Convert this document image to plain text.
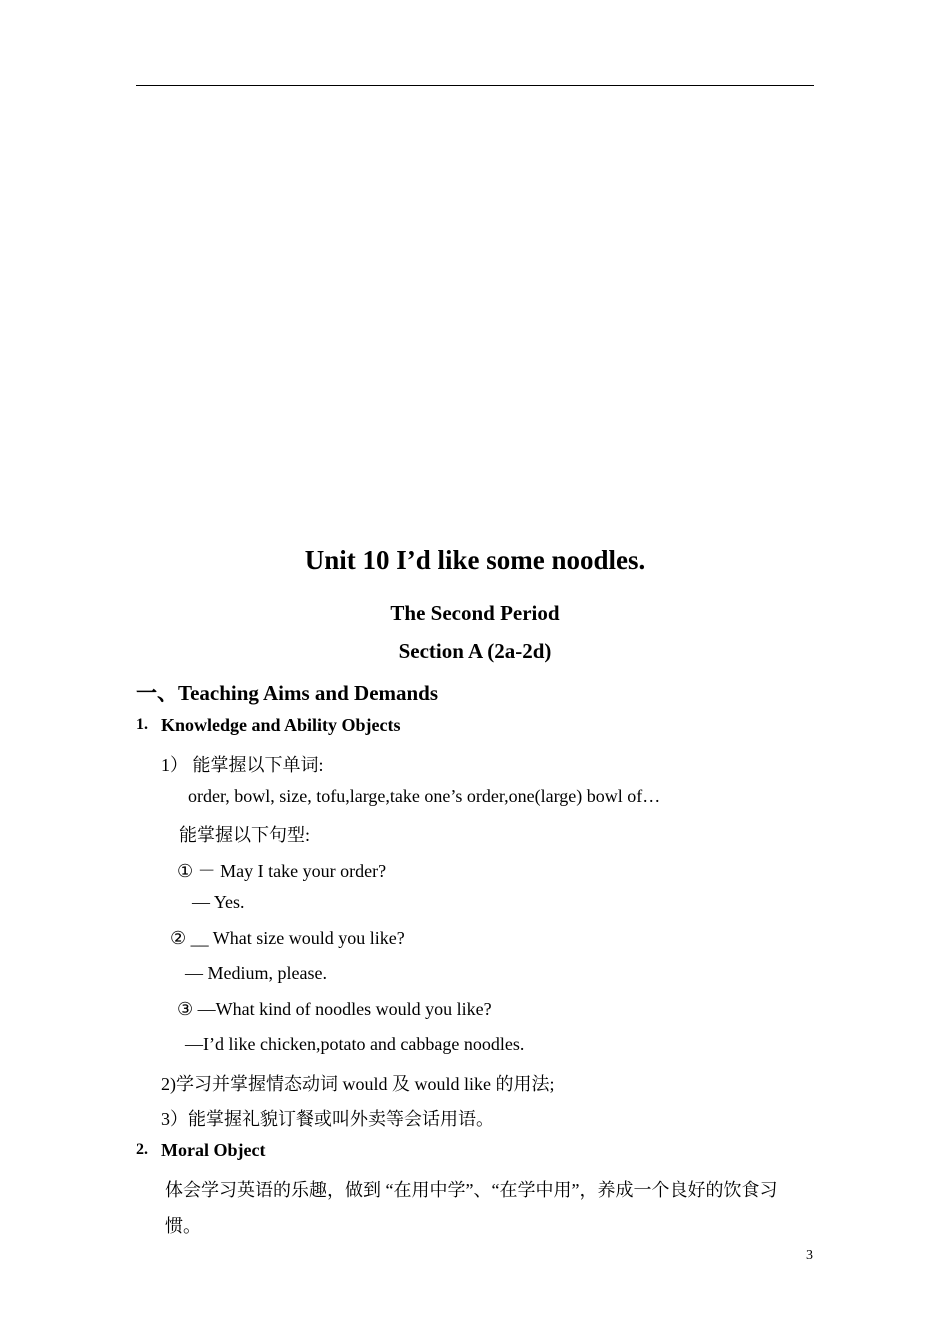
Unit 10 I’d like some noodles.
The Second Period
Section A (2a-2d)
一、Teaching Aims and Demands
1. Knowledge and Ability Objects
1） 能掌握以下单词:
order, bowl, size, tofu,large,take one’s order,one(large) bowl of…
能掌握以下句型:
① － May I take your order?
— Yes.
② __ What size would you like?
— Medium, please.
③ —What kind of noodles would you like?
—I’d like chicken,potato and cabbage noodles.
2)学习并掌握情态动词 would 及 would like 的用法;
3）能掌握礼貌订餐或叫外卖等会话用语。
2. Moral Object
体会学习英语的乐趣，做到 “在用中学”、“在学中用”，养成一个良好的饮食习
惯。
3
